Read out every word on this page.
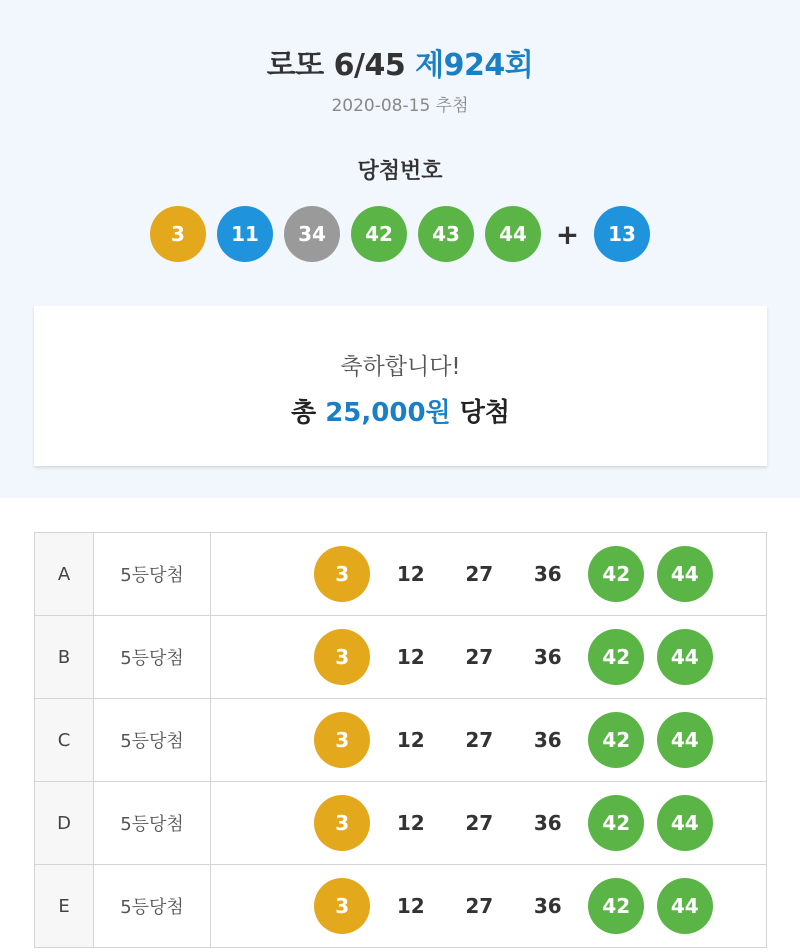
로또 6/45 제924회
2020-08-15 추첨
당첨번호
3	11	34	42	43	44	+	13
축하합니다!
총 25,000원 당첨
A	5등당첨	3	12 27 36	42	44
B	5등당첨	3	12 27 36	42	44
C	5등당첨	3	12 27 36	42	44
D	5등당첨	3	12 27 36	42	44
E	5등당첨	3	12 27 36	42	44
